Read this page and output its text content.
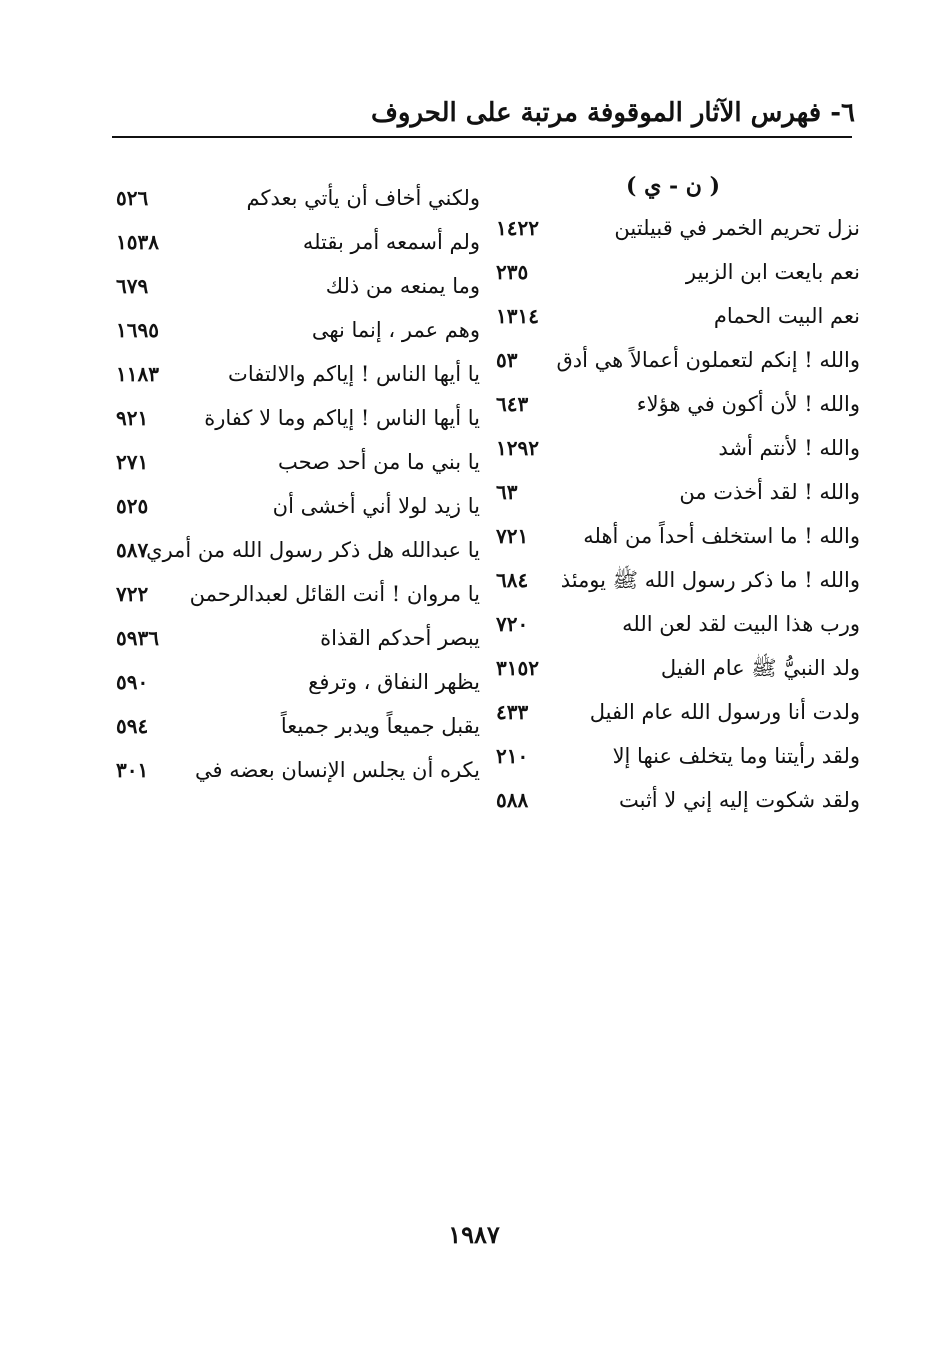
٦- فهرس الآثار الموقوفة مرتبة على الحروف
( ن - ي )
نزل تحريم الخمر في قبيلتين
١٤٢٢
نعم بايعت ابن الزبير
٢٣٥
نعم البيت الحمام
١٣١٤
والله ! إنكم لتعملون أعمالاً هي أدق
٥٣
والله ! لأن أكون في هؤلاء
٦٤٣
والله ! لأنتم أشد
١٢٩٢
والله ! لقد أخذت من
٦٣
والله ! ما استخلف أحداً من أهله
٧٢١
والله ! ما ذكر رسول الله ﷺ يومئذ
٦٨٤
ورب هذا البيت لقد لعن الله
٧٢٠
ولد النبيُّ ﷺ عام الفيل
٣١٥٢
ولدت أنا ورسول الله عام الفيل
٤٣٣
ولقد رأيتنا وما يتخلف عنها إلا
٢١٠
ولقد شكوت إليه إني لا أثبت
٥٨٨
ولكني أخاف أن يأتي بعدكم
٥٢٦
ولم أسمعه أمر بقتله
١٥٣٨
وما يمنعه من ذلك
٦٧٩
وهم عمر ، إنما نهى
١٦٩٥
يا أيها الناس ! إياكم والالتفات
١١٨٣
يا أيها الناس ! إياكم وما لا كفارة
٩٢١
يا بني ما من أحد صحب
٢٧١
يا زيد لولا أني أخشى أن
٥٢٥
يا عبدالله هل ذكر رسول الله من أمري
٥٨٧
يا مروان ! أنت القائل لعبدالرحمن
٧٢٢
يبصر أحدكم القذاة
٥٩٣٦
يظهر النفاق ، وترفع
٥٩٠
يقبل جميعاً ويدبر جميعاً
٥٩٤
يكره أن يجلس الإنسان بعضه في
٣٠١
١٩٨٧
